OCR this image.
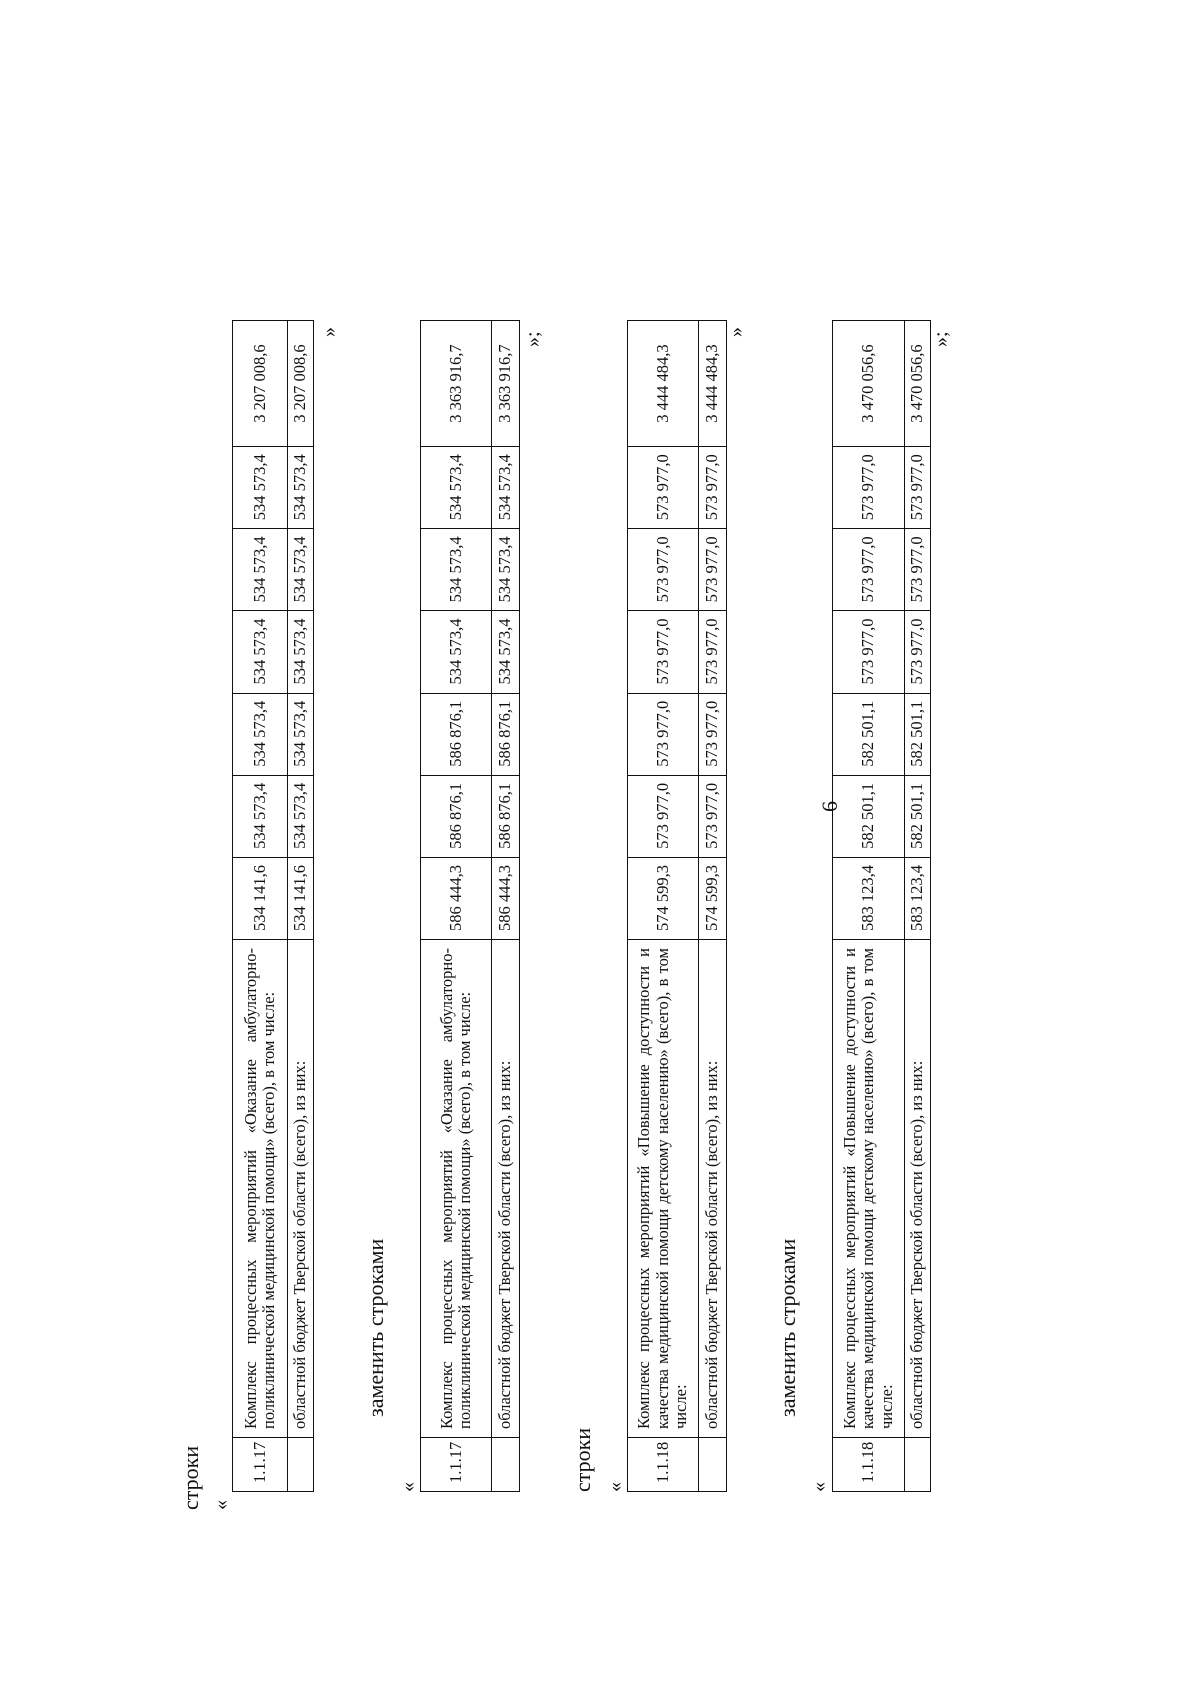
6
строки «
1.1.17	Комплекс процессных мероприятий «Оказание амбулаторно-поликлинической медицинской помощи» (всего), в том числе:	534 141,6	534 573,4	534 573,4	534 573,4	534 573,4	534 573,4	3 207 008,6
	областной бюджет Тверской области (всего), из них:	534 141,6	534 573,4	534 573,4	534 573,4	534 573,4	534 573,4	3 207 008,6
»
заменить строками
«
1.1.17	Комплекс процессных мероприятий «Оказание амбулаторно-поликлинической медицинской помощи» (всего), в том числе:	586 444,3	586 876,1	586 876,1	534 573,4	534 573,4	534 573,4	3 363 916,7
	областной бюджет Тверской области (всего), из них:	586 444,3	586 876,1	586 876,1	534 573,4	534 573,4	534 573,4	3 363 916,7
»;
строки «
1.1.18	Комплекс процессных мероприятий «Повышение доступности и качества медицинской помощи детскому населению» (всего), в том числе:	574 599,3	573 977,0	573 977,0	573 977,0	573 977,0	573 977,0	3 444 484,3
	областной бюджет Тверской области (всего), из них:	574 599,3	573 977,0	573 977,0	573 977,0	573 977,0	573 977,0	3 444 484,3
»
заменить строками
«
1.1.18	Комплекс процессных мероприятий «Повышение доступности и качества медицинской помощи детскому населению» (всего), в том числе:	583 123,4	582 501,1	582 501,1	573 977,0	573 977,0	573 977,0	3 470 056,6
	областной бюджет Тверской области (всего), из них:	583 123,4	582 501,1	582 501,1	573 977,0	573 977,0	573 977,0	3 470 056,6
»;
